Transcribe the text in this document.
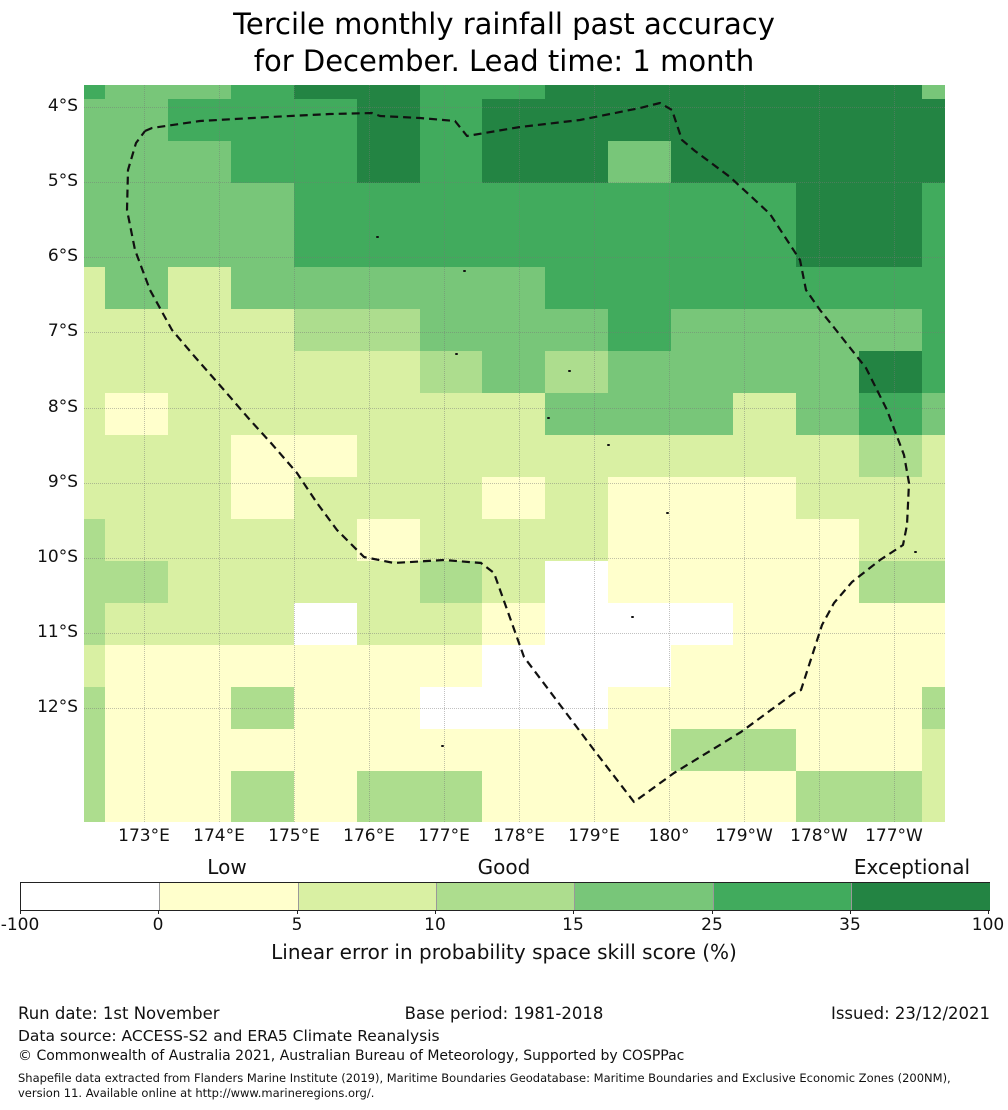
Tercile monthly rainfall past accuracy
for December. Lead time: 1 month
4°S
5°S
6°S
7°S
8°S
9°S
10°S
11°S
12°S
173°E	174°E	175°E	176°E	177°E	178°E	179°E	180°	179°W	178°W	177°W
Low	Good	Exceptional
-100	0	5	10	15	25	35	100
Linear error in probability space skill score (%)
Run date: 1st November	Base period: 1981-2018	Issued: 23/12/2021
Data source: ACCESS-S2 and ERA5 Climate Reanalysis
© Commonwealth of Australia 2021, Australian Bureau of Meteorology, Supported by COSPPac
Shapefile data extracted from Flanders Marine Institute (2019), Maritime Boundaries Geodatabase: Maritime Boundaries and Exclusive Economic Zones (200NM),
version 11. Available online at http://www.marineregions.org/.
